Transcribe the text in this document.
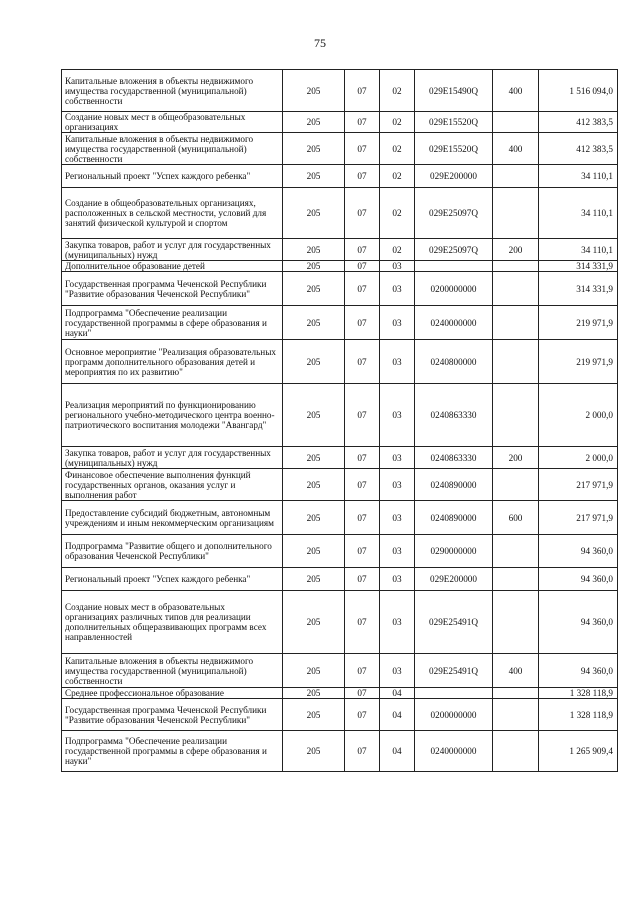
75
Капитальные вложения в объекты недвижимого имущества государственной (муниципальной) собственности	205	07	02	029E15490Q	400	1 516 094,0
Создание новых мест в общеобразовательных организациях	205	07	02	029E15520Q		412 383,5
Капитальные вложения в объекты недвижимого имущества государственной (муниципальной) собственности	205	07	02	029E15520Q	400	412 383,5
Региональный проект "Успех каждого ребенка"	205	07	02	029E200000		34 110,1
Создание в общеобразовательных организациях, расположенных в сельской местности, условий для занятий физической культурой и спортом	205	07	02	029E25097Q		34 110,1
Закупка товаров, работ и услуг для государственных (муниципальных) нужд	205	07	02	029E25097Q	200	34 110,1
Дополнительное образование детей	205	07	03			314 331,9
Государственная программа Чеченской Республики "Развитие образования Чеченской Республики"	205	07	03	0200000000		314 331,9
Подпрограмма "Обеспечение реализации государственной программы в сфере образования и науки"	205	07	03	0240000000		219 971,9
Основное мероприятие "Реализация образовательных программ дополнительного образования детей и мероприятия по их развитию"	205	07	03	0240800000		219 971,9
Реализация мероприятий по функционированию регионального учебно-методического центра военно-патриотического воспитания молодежи "Авангард"	205	07	03	0240863330		2 000,0
Закупка товаров, работ и услуг для государственных (муниципальных) нужд	205	07	03	0240863330	200	2 000,0
Финансовое обеспечение выполнения функций государственных органов, оказания услуг и выполнения работ	205	07	03	0240890000		217 971,9
Предоставление субсидий бюджетным, автономным учреждениям и иным некоммерческим организациям	205	07	03	0240890000	600	217 971,9
Подпрограмма "Развитие общего и дополнительного образования Чеченской Республики"	205	07	03	0290000000		94 360,0
Региональный проект "Успех каждого ребенка"	205	07	03	029E200000		94 360,0
Создание новых мест в образовательных организациях различных типов для реализации дополнительных общеразвивающих программ всех направленностей	205	07	03	029E25491Q		94 360,0
Капитальные вложения в объекты недвижимого имущества государственной (муниципальной) собственности	205	07	03	029E25491Q	400	94 360,0
Среднее профессиональное образование	205	07	04			1 328 118,9
Государственная программа Чеченской Республики "Развитие образования Чеченской Республики"	205	07	04	0200000000		1 328 118,9
Подпрограмма "Обеспечение реализации государственной программы в сфере образования и науки"	205	07	04	0240000000		1 265 909,4
